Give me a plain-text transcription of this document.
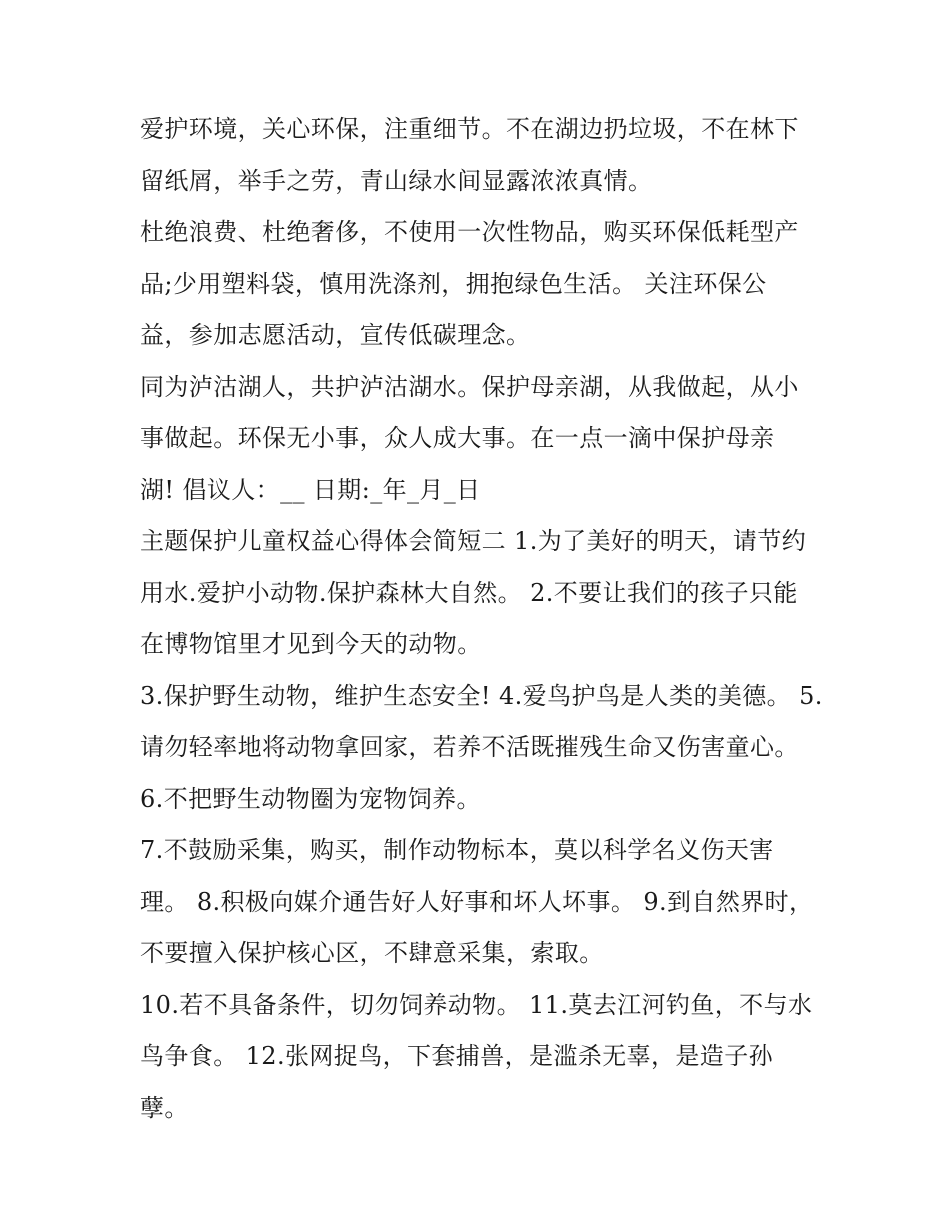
爱护环境，关心环保，注重细节。不在湖边扔垃圾，不在林下
留纸屑，举手之劳，青山绿水间显露浓浓真情。
杜绝浪费、杜绝奢侈，不使用一次性物品，购买环保低耗型产
品;少用塑料袋，慎用洗涤剂，拥抱绿色生活。 关注环保公
益，参加志愿活动，宣传低碳理念。
同为泸沽湖人，共护泸沽湖水。保护母亲湖，从我做起，从小
事做起。环保无小事，众人成大事。在一点一滴中保护母亲
湖! 倡议人：__ 日期:_年_月_日
主题保护儿童权益心得体会简短二 1.为了美好的明天，请节约
用水.爱护小动物.保护森林大自然。 2.不要让我们的孩子只能
在博物馆里才见到今天的动物。
3.保护野生动物，维护生态安全! 4.爱鸟护鸟是人类的美德。 5.
请勿轻率地将动物拿回家，若养不活既摧残生命又伤害童心。
6.不把野生动物圈为宠物饲养。
7.不鼓励采集，购买，制作动物标本，莫以科学名义伤天害
理。 8.积极向媒介通告好人好事和坏人坏事。 9.到自然界时，
不要擅入保护核心区，不肆意采集，索取。
10.若不具备条件，切勿饲养动物。 11.莫去江河钓鱼，不与水
鸟争食。 12.张网捉鸟，下套捕兽，是滥杀无辜，是造子孙
孽。
